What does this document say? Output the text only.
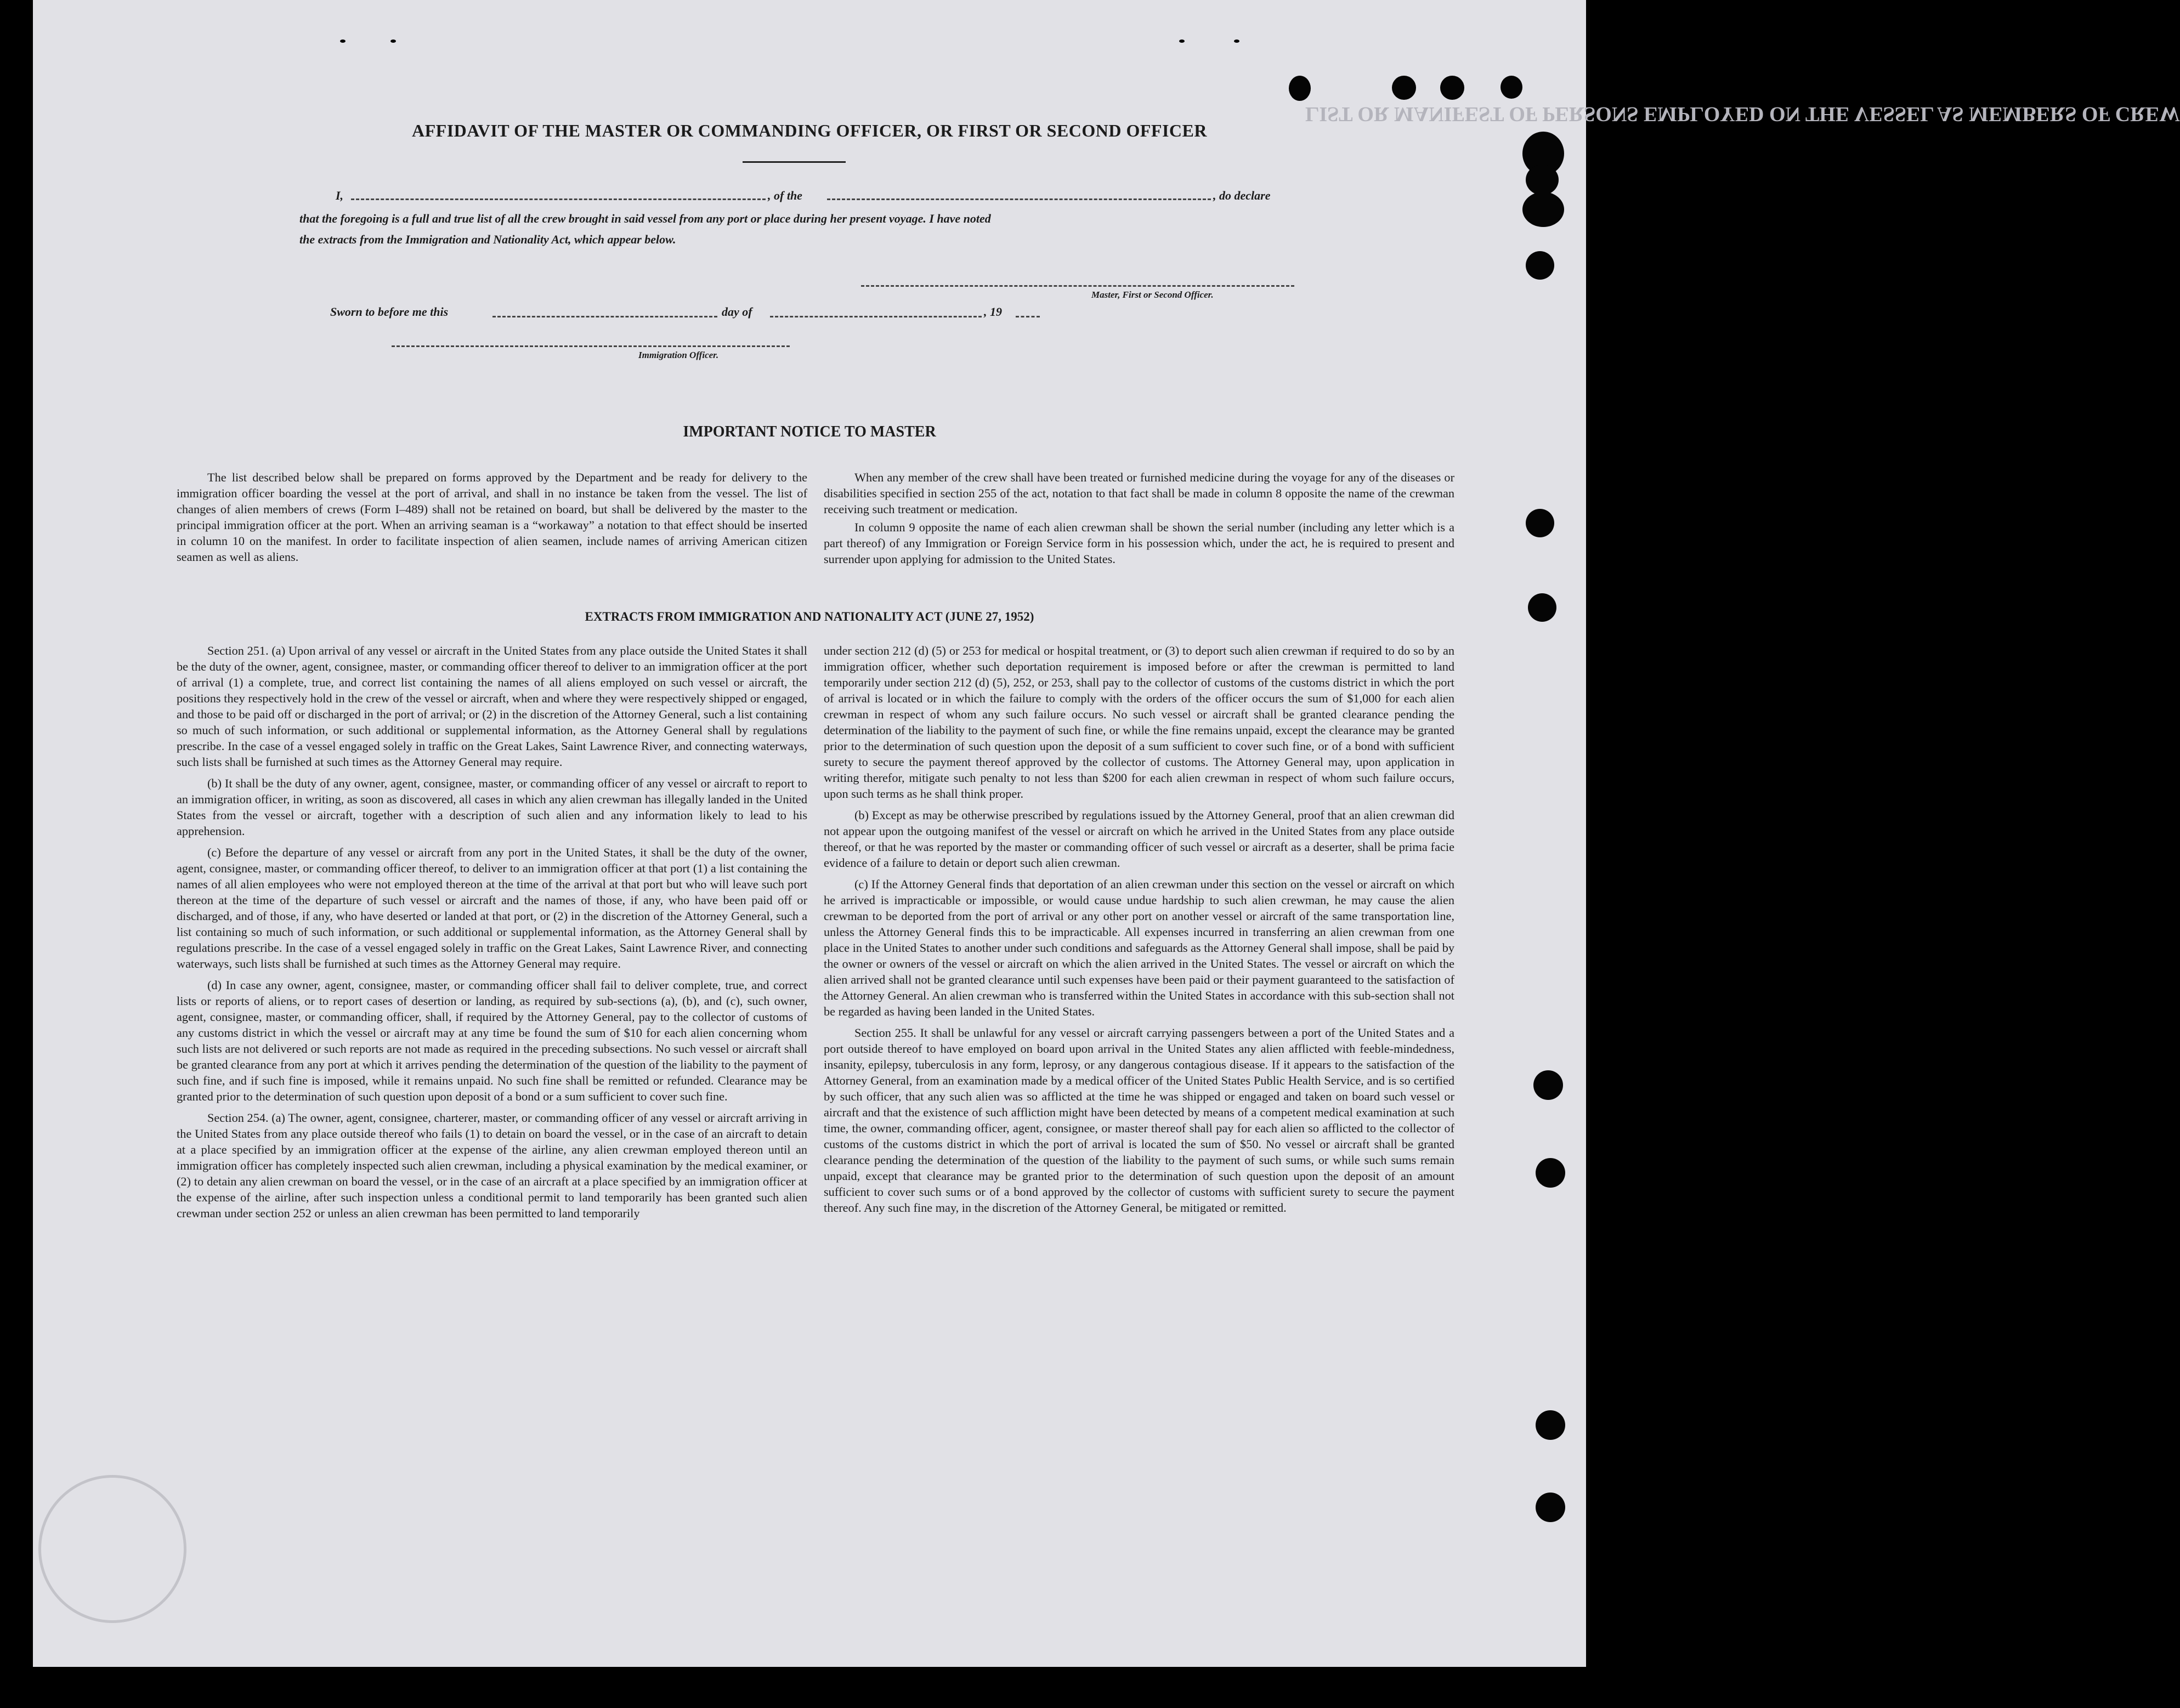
LIST OR MANIFEST OF PERSONS EMPLOYED ON THE VESSEL AS MEMBERS OF CREW
AFFIDAVIT OF THE MASTER OR COMMANDING OFFICER, OR FIRST OR SECOND OFFICER
I,	, of the	, do declare
that the foregoing is a full and true list of all the crew brought in said vessel from any port or place during her present voyage. I have noted
the extracts from the Immigration and Nationality Act, which appear below.
Master, First or Second Officer.
Sworn to before me this	day of	, 19
Immigration Officer.
IMPORTANT NOTICE TO MASTER

The list described below shall be prepared on forms approved by the Department and be ready for delivery to the immigration officer boarding the vessel at the port of arrival, and shall in no instance be taken from the vessel. The list of changes of alien members of crews (Form I–489) shall not be retained on board, but shall be delivered by the master to the principal immigration officer at the port. When an arriving seaman is a “workaway” a notation to that effect should be inserted in column 10 on the manifest. In order to facilitate inspection of alien seamen, include names of arriving American citizen seamen as well as aliens.

When any member of the crew shall have been treated or furnished medicine during the voyage for any of the diseases or disabilities specified in section 255 of the act, notation to that fact shall be made in column 8 opposite the name of the crewman receiving such treatment or medication.

In column 9 opposite the name of each alien crewman shall be shown the serial number (including any letter which is a part thereof) of any Immigration or Foreign Service form in his possession which, under the act, he is required to present and surrender upon applying for admission to the United States.

EXTRACTS FROM IMMIGRATION AND NATIONALITY ACT (JUNE 27, 1952)

Section 251. (a) Upon arrival of any vessel or aircraft in the United States from any place outside the United States it shall be the duty of the owner, agent, consignee, master, or commanding officer thereof to deliver to an immigration officer at the port of arrival (1) a complete, true, and correct list containing the names of all aliens employed on such vessel or aircraft, the positions they respectively hold in the crew of the vessel or aircraft, when and where they were respectively shipped or engaged, and those to be paid off or discharged in the port of arrival; or (2) in the discretion of the Attorney General, such a list containing so much of such information, or such additional or supplemental information, as the Attorney General shall by regulations prescribe. In the case of a vessel engaged solely in traffic on the Great Lakes, Saint Lawrence River, and connecting waterways, such lists shall be furnished at such times as the Attorney General may require.

(b) It shall be the duty of any owner, agent, consignee, master, or commanding officer of any vessel or aircraft to report to an immigration officer, in writing, as soon as discovered, all cases in which any alien crewman has illegally landed in the United States from the vessel or aircraft, together with a description of such alien and any information likely to lead to his apprehension.

(c) Before the departure of any vessel or aircraft from any port in the United States, it shall be the duty of the owner, agent, consignee, master, or commanding officer thereof, to deliver to an immigration officer at that port (1) a list containing the names of all alien employees who were not employed thereon at the time of the arrival at that port but who will leave such port thereon at the time of the departure of such vessel or aircraft and the names of those, if any, who have been paid off or discharged, and of those, if any, who have deserted or landed at that port, or (2) in the discretion of the Attorney General, such a list containing so much of such information, or such additional or supplemental information, as the Attorney General shall by regulations prescribe. In the case of a vessel engaged solely in traffic on the Great Lakes, Saint Lawrence River, and connecting waterways, such lists shall be furnished at such times as the Attorney General may require.

(d) In case any owner, agent, consignee, master, or commanding officer shall fail to deliver complete, true, and correct lists or reports of aliens, or to report cases of desertion or landing, as required by sub-sections (a), (b), and (c), such owner, agent, consignee, master, or commanding officer, shall, if required by the Attorney General, pay to the collector of customs of any customs district in which the vessel or aircraft may at any time be found the sum of $10 for each alien concerning whom such lists are not delivered or such reports are not made as required in the preceding subsections. No such vessel or aircraft shall be granted clearance from any port at which it arrives pending the determination of the question of the liability to the payment of such fine, and if such fine is imposed, while it remains unpaid. No such fine shall be remitted or refunded. Clearance may be granted prior to the determination of such question upon deposit of a bond or a sum sufficient to cover such fine.

Section 254. (a) The owner, agent, consignee, charterer, master, or commanding officer of any vessel or aircraft arriving in the United States from any place outside thereof who fails (1) to detain on board the vessel, or in the case of an aircraft to detain at a place specified by an immigration officer at the expense of the airline, any alien crewman employed thereon until an immigration officer has completely inspected such alien crewman, including a physical examination by the medical examiner, or (2) to detain any alien crewman on board the vessel, or in the case of an aircraft at a place specified by an immigration officer at the expense of the airline, after such inspection unless a conditional permit to land temporarily has been granted such alien crewman under section 252 or unless an alien crewman has been permitted to land temporarily

under section 212 (d) (5) or 253 for medical or hospital treatment, or (3) to deport such alien crewman if required to do so by an immigration officer, whether such deportation requirement is imposed before or after the crewman is permitted to land temporarily under section 212 (d) (5), 252, or 253, shall pay to the collector of customs of the customs district in which the port of arrival is located or in which the failure to comply with the orders of the officer occurs the sum of $1,000 for each alien crewman in respect of whom any such failure occurs. No such vessel or aircraft shall be granted clearance pending the determination of the liability to the payment of such fine, or while the fine remains unpaid, except the clearance may be granted prior to the determination of such question upon the deposit of a sum sufficient to cover such fine, or of a bond with sufficient surety to secure the payment thereof approved by the collector of customs. The Attorney General may, upon application in writing therefor, mitigate such penalty to not less than $200 for each alien crewman in respect of whom such failure occurs, upon such terms as he shall think proper.

(b) Except as may be otherwise prescribed by regulations issued by the Attorney General, proof that an alien crewman did not appear upon the outgoing manifest of the vessel or aircraft on which he arrived in the United States from any place outside thereof, or that he was reported by the master or commanding officer of such vessel or aircraft as a deserter, shall be prima facie evidence of a failure to detain or deport such alien crewman.

(c) If the Attorney General finds that deportation of an alien crewman under this section on the vessel or aircraft on which he arrived is impracticable or impossible, or would cause undue hardship to such alien crewman, he may cause the alien crewman to be deported from the port of arrival or any other port on another vessel or aircraft of the same transportation line, unless the Attorney General finds this to be impracticable. All expenses incurred in transferring an alien crewman from one place in the United States to another under such conditions and safeguards as the Attorney General shall impose, shall be paid by the owner or owners of the vessel or aircraft on which the alien arrived in the United States. The vessel or aircraft on which the alien arrived shall not be granted clearance until such expenses have been paid or their payment guaranteed to the satisfaction of the Attorney General. An alien crewman who is transferred within the United States in accordance with this sub-section shall not be regarded as having been landed in the United States.

Section 255. It shall be unlawful for any vessel or aircraft carrying passengers between a port of the United States and a port outside thereof to have employed on board upon arrival in the United States any alien afflicted with feeble-mindedness, insanity, epilepsy, tuberculosis in any form, leprosy, or any dangerous contagious disease. If it appears to the satisfaction of the Attorney General, from an examination made by a medical officer of the United States Public Health Service, and is so certified by such officer, that any such alien was so afflicted at the time he was shipped or engaged and taken on board such vessel or aircraft and that the existence of such affliction might have been detected by means of a competent medical examination at such time, the owner, commanding officer, agent, consignee, or master thereof shall pay for each alien so afflicted to the collector of customs of the customs district in which the port of arrival is located the sum of $50. No vessel or aircraft shall be granted clearance pending the determination of the question of the liability to the payment of such sums, or while such sums remain unpaid, except that clearance may be granted prior to the determination of such question upon the deposit of an amount sufficient to cover such sums or of a bond approved by the collector of customs with sufficient surety to secure the payment thereof. Any such fine may, in the discretion of the Attorney General, be mitigated or remitted.
